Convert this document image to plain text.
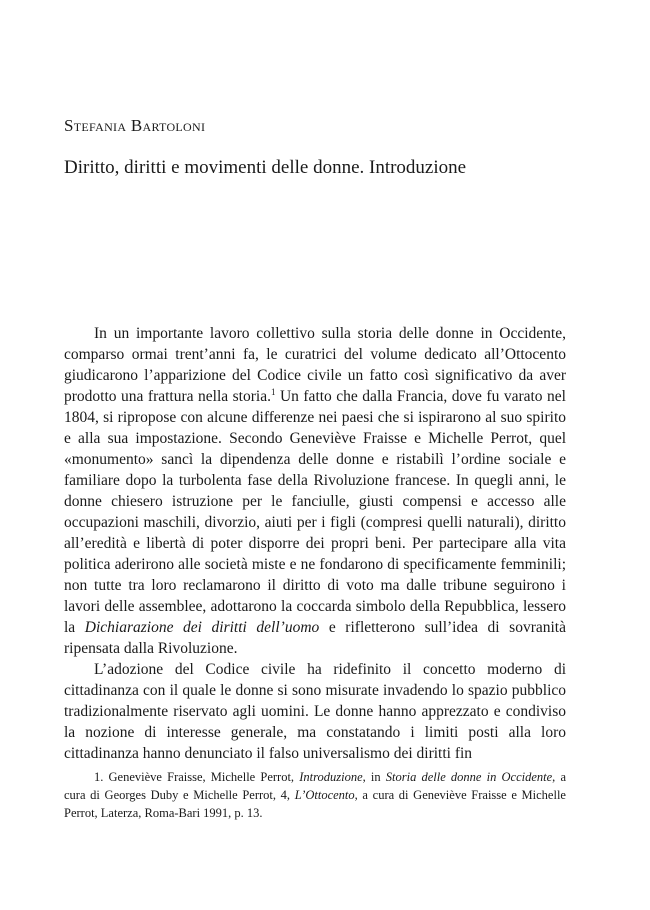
Stefania Bartoloni
Diritto, diritti e movimenti delle donne. Introduzione

In un importante lavoro collettivo sulla storia delle donne in Occidente, comparso ormai trent’anni fa, le curatrici del volume dedicato all’Ottocento giudicarono l’apparizione del Codice civile un fatto così significativo da aver prodotto una frattura nella storia.$^1$ Un fatto che dalla Francia, dove fu varato nel 1804, si ripropose con alcune differenze nei paesi che si ispirarono al suo spirito e alla sua impostazione. Secondo Geneviève Fraisse e Michelle Perrot, quel «monumento» sancì la dipendenza delle donne e ristabilì l’ordine sociale e familiare dopo la turbolenta fase della Rivoluzione francese. In quegli anni, le donne chiesero istruzione per le fanciulle, giusti compensi e accesso alle occupazioni maschili, divorzio, aiuti per i figli (compresi quelli naturali), diritto all’eredità e libertà di poter disporre dei propri beni. Per partecipare alla vita politica aderirono alle società miste e ne fondarono di specificamente femminili; non tutte tra loro reclamarono il diritto di voto ma dalle tribune seguirono i lavori delle assemblee, adottarono la coccarda simbolo della Repubblica, lessero la Dichiarazione dei diritti dell’uomo e rifletterono sull’idea di sovranità ripensata dalla Rivoluzione.

L’adozione del Codice civile ha ridefinito il concetto moderno di cittadinanza con il quale le donne si sono misurate invadendo lo spazio pubblico tradizionalmente riservato agli uomini. Le donne hanno apprezzato e condiviso la nozione di interesse generale, ma constatando i limiti posti alla loro cittadinanza hanno denunciato il falso universalismo dei diritti fin

1. Geneviève Fraisse, Michelle Perrot, Introduzione, in Storia delle donne in Occidente, a cura di Georges Duby e Michelle Perrot, 4, L’Ottocento, a cura di Geneviève Fraisse e Michelle Perrot, Laterza, Roma-Bari 1991, p. 13.
